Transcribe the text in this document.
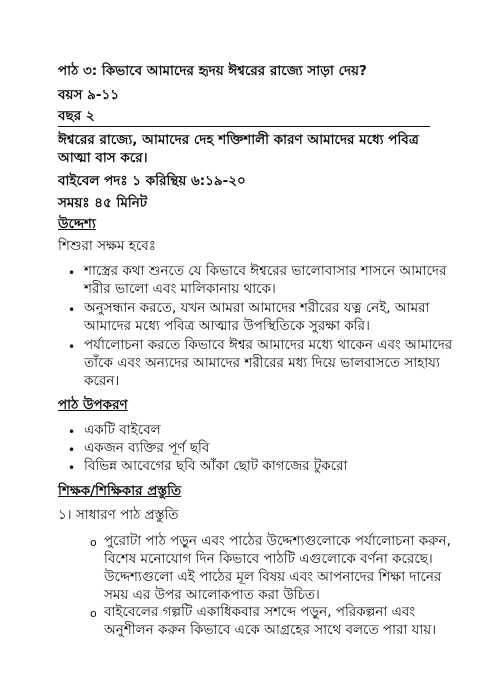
পাঠ ৩: কিভাবে আমাদের হৃদয় ঈশ্বরের রাজ্যে সাড়া দেয়?
বয়স ৯-১১
বছর ২
ঈশ্বরের রাজ্যে, আমাদের দেহ শক্তিশালী কারণ আমাদের মধ্যে পবিত্র
আত্মা বাস করে।
বাইবেল পদঃ ১ করিন্থিয় ৬:১৯-২০
সময়ঃ ৪৫ মিনিট
উদ্দেশ্য
শিশুরা সক্ষম হবেঃ
• শাস্ত্রের কথা শুনতে যে কিভাবে ঈশ্বরের ভালোবাসার শাসনে আমাদের
শরীর ভালো এবং মালিকানায় থাকে।
• অনুসন্ধান করতে, যখন আমরা আমাদের শরীরের যত্ন নেই, আমরা
আমাদের মধ্যে পবিত্র আত্মার উপস্থিতিকে সুরক্ষা করি।
• পর্যালোচনা করতে কিভাবে ঈশ্বর আমাদের মধ্যে থাকেন এবং আমাদের
তাঁকে এবং অন্যদের আমাদের শরীরের মধ্য দিয়ে ভালবাসতে সাহায্য
করেন।
পাঠ উপকরণ
• একটি বাইবেল
• একজন ব্যক্তির পূর্ণ ছবি
• বিভিন্ন আবেগের ছবি আঁকা ছোট কাগজের টুকরো
শিক্ষক/শিক্ষিকার প্রস্তুতি
১। সাধারণ পাঠ প্রস্তুতি
o পুরোটা পাঠ পড়ুন এবং পাঠের উদ্দেশ্যগুলোকে পর্যালোচনা করুন,
বিশেষ মনোযোগ দিন কিভাবে পাঠটি এগুলোকে বর্ণনা করেছে।
উদ্দেশ্যগুলো এই পাঠের মূল বিষয় এবং আপনাদের শিক্ষা দানের
সময় এর উপর আলোকপাত করা উচিত।
o বাইবেলের গল্পটি একাধিকবার সশব্দে পড়ুন, পরিকল্পনা এবং
অনুশীলন করুন কিভাবে একে আগ্রহের সাথে বলতে পারা যায়।
